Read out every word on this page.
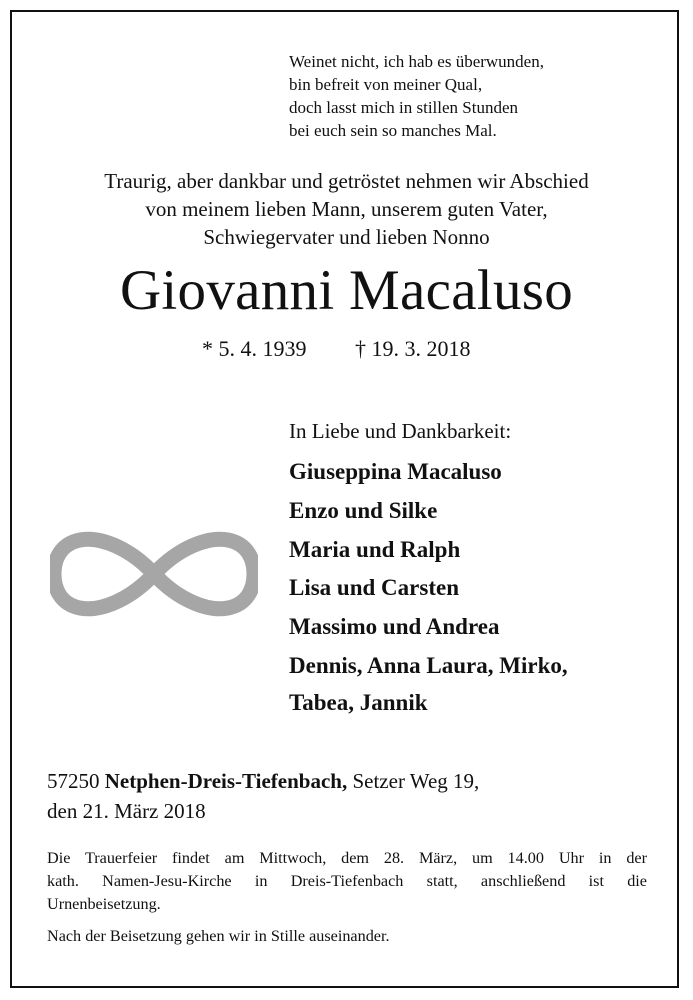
Weinet nicht, ich hab es überwunden,
bin befreit von meiner Qual,
doch lasst mich in stillen Stunden
bei euch sein so manches Mal.
Traurig, aber dankbar und getröstet nehmen wir Abschied
von meinem lieben Mann, unserem guten Vater,
Schwiegervater und lieben Nonno
Giovanni Macaluso
* 5. 4. 1939 † 19. 3. 2018
In Liebe und Dankbarkeit:
Giuseppina Macaluso
Enzo und Silke
Maria und Ralph
Lisa und Carsten
Massimo und Andrea
Dennis, Anna Laura, Mirko,
Tabea, Jannik
57250 Netphen-Dreis-Tiefenbach, Setzer Weg 19,
den 21. März 2018
Die Trauerfeier findet am Mittwoch, dem 28. März, um 14.00 Uhr in der
kath. Namen-Jesu-Kirche in Dreis-Tiefenbach statt, anschließend ist die
Urnenbeisetzung.
Nach der Beisetzung gehen wir in Stille auseinander.
